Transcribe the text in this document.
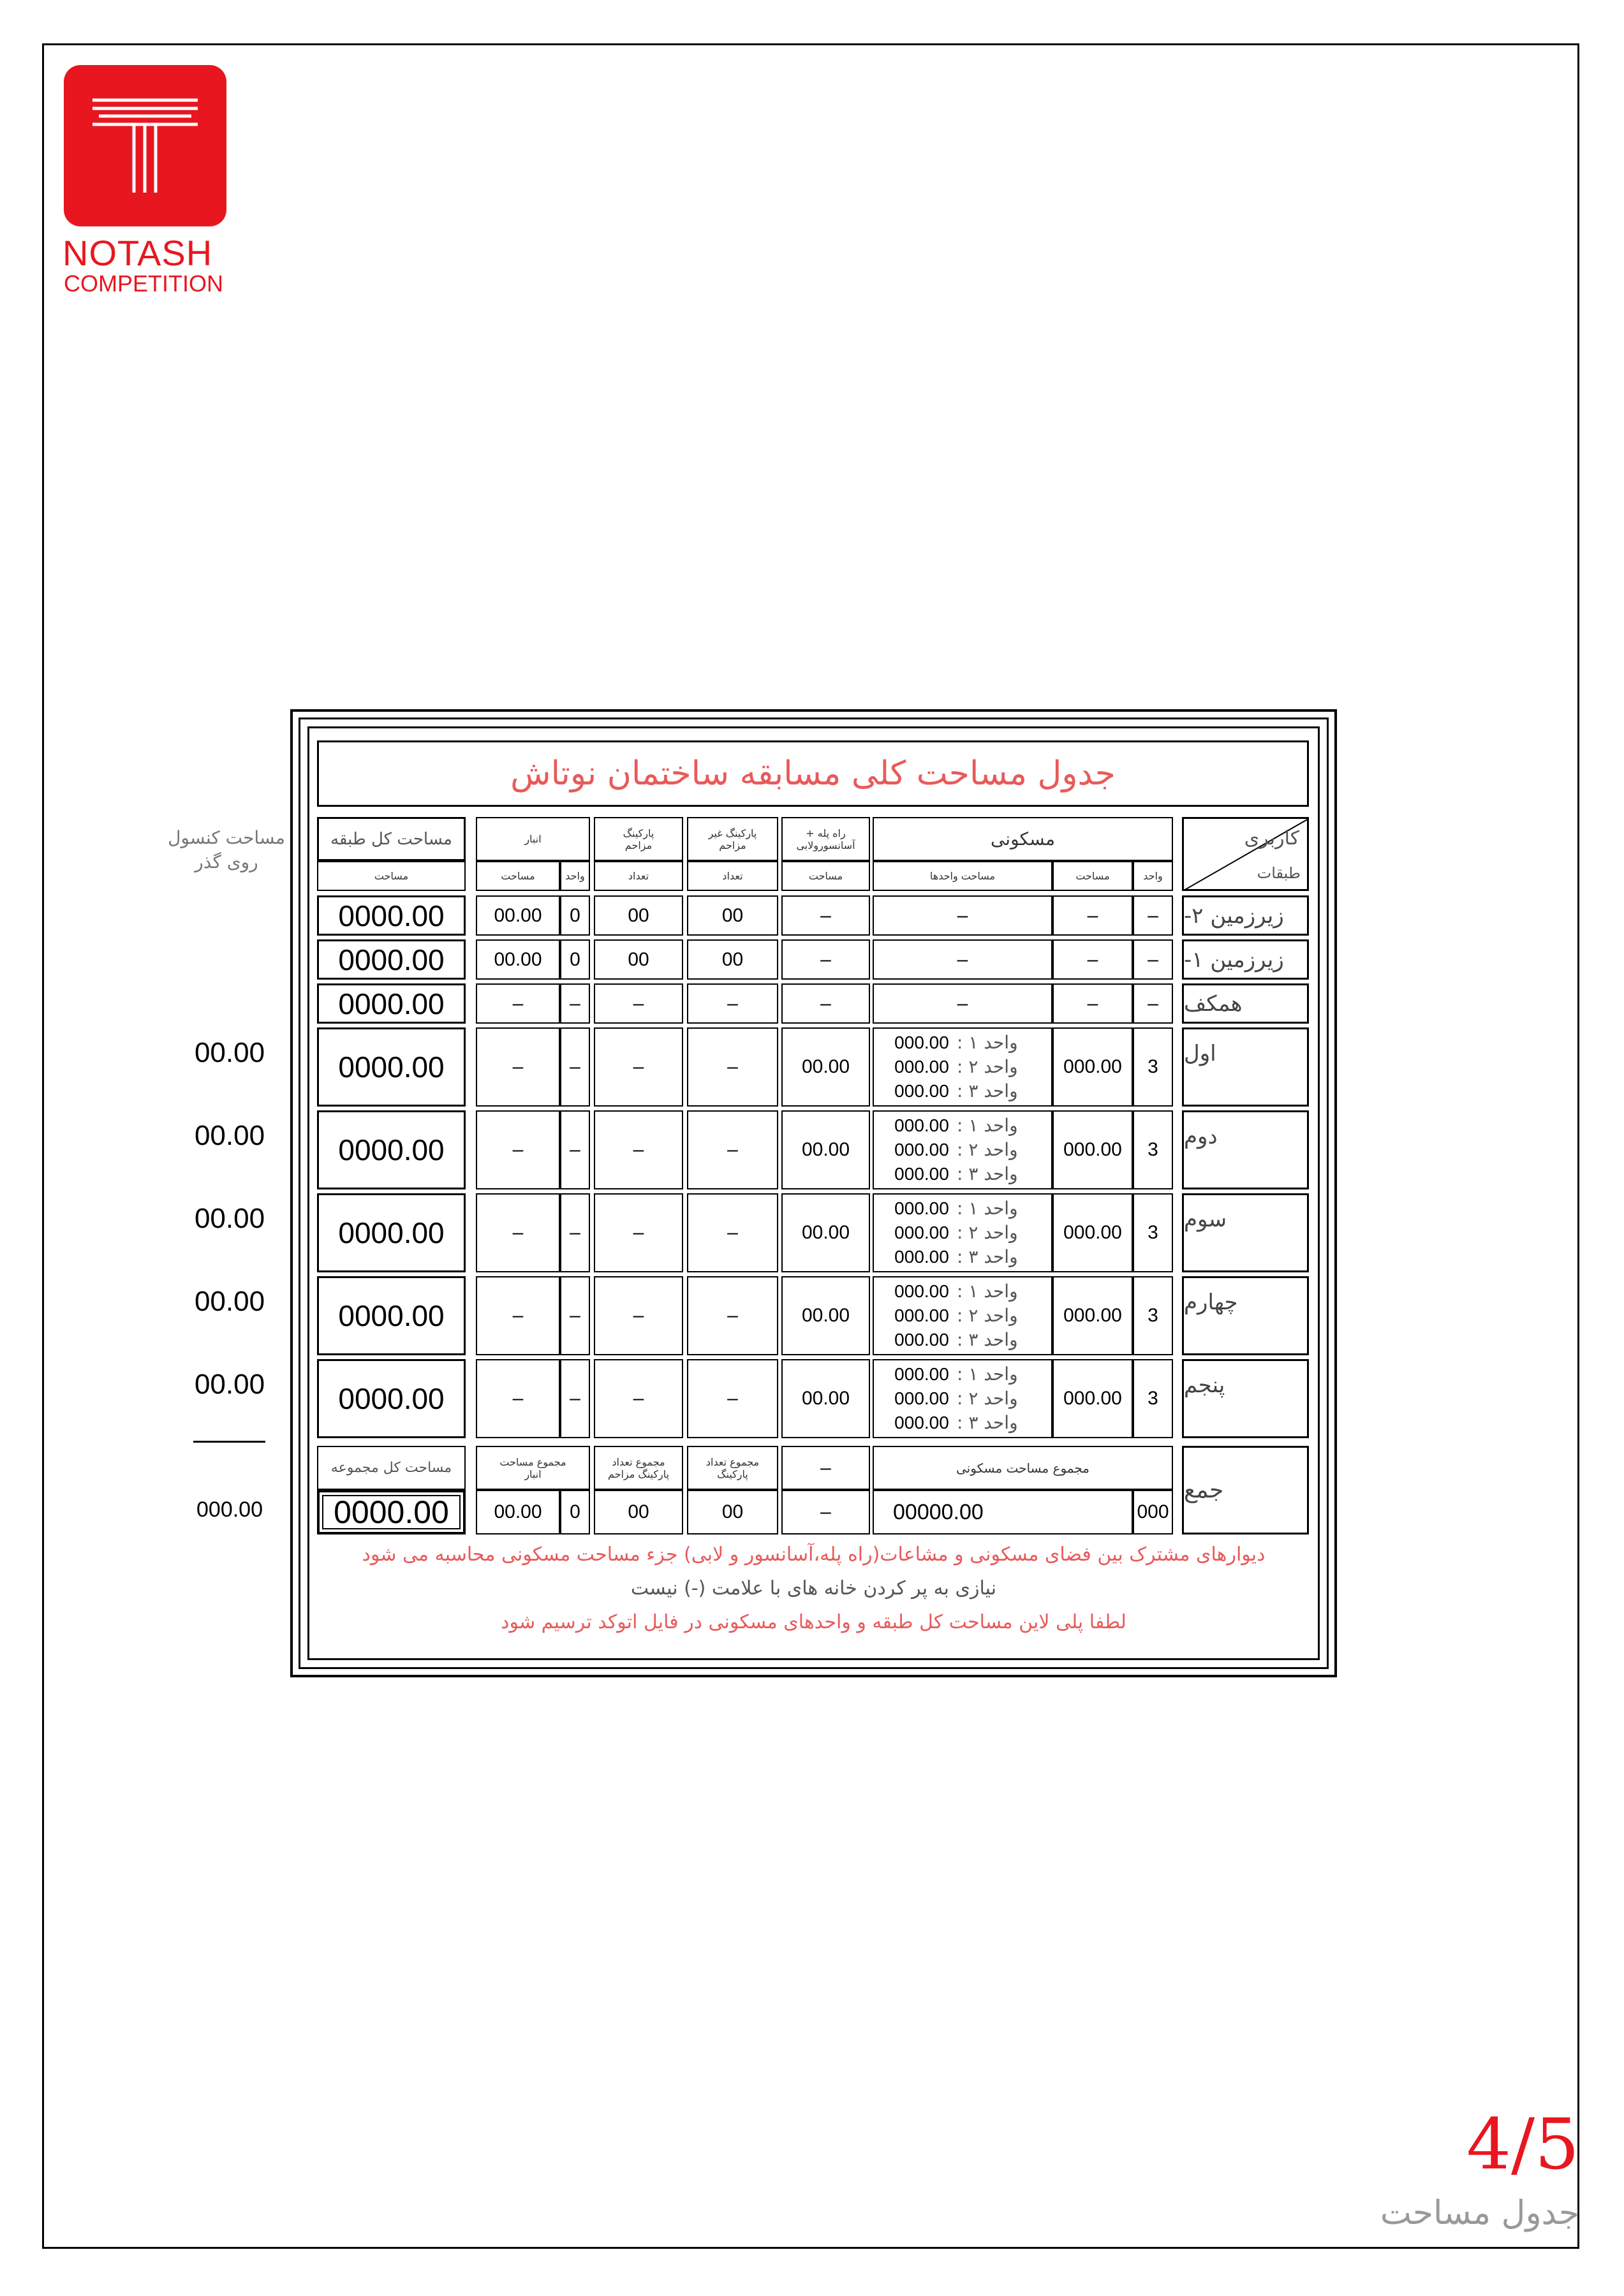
NOTASH
COMPETITION
مساحت کنسول روی گذر
00.00
00.00
00.00
00.00
00.00
000.00
جدول مساحت کلی مسابقه ساختمان نوتاش
کاربری
طبقات
مسکونی
واحد
مساحت
مساحت واحدها
راه پله + آسانسورولابی
مساحت
پارکینگ غیر مزاحم
تعداد
پارکینگ مزاحم
تعداد
انبار
واحد
مساحت
مساحت کل طبقه
مساحت
زیرزمین ۲-
–
–
–
–
00
00
0
00.00
0000.00
زیرزمین ۱-
–
–
–
–
00
00
0
00.00
0000.00
همکف
–
–
–
–
–
–
–
–
0000.00
اول
3
000.00
00.00
–
–
–
–
0000.00
000.00 واحد ۱ :
000.00 واحد ۲ :
000.00 واحد ۳ :
دوم
3
000.00
00.00
–
–
–
–
0000.00
000.00 واحد ۱ :
000.00 واحد ۲ :
000.00 واحد ۳ :
سوم
3
000.00
00.00
–
–
–
–
0000.00
000.00 واحد ۱ :
000.00 واحد ۲ :
000.00 واحد ۳ :
چهارم
3
000.00
00.00
–
–
–
–
0000.00
000.00 واحد ۱ :
000.00 واحد ۲ :
000.00 واحد ۳ :
پنجم
3
000.00
00.00
–
–
–
–
0000.00
000.00 واحد ۱ :
000.00 واحد ۲ :
000.00 واحد ۳ :
جمع
مجموع مساحت مسکونی
000
00000.00
–
–
مجموع تعداد پارکینگ
00
مجموع تعداد پارکینگ مزاحم
00
مجموع مساحت انبار
0
00.00
مساحت کل مجموعه
0000.00
دیوارهای مشترک بین فضای مسکونی و مشاعات(راه پله،آسانسور و لابی) جزء مساحت مسکونی محاسبه می شود
نیازی به پر کردن خانه های با علامت (-) نیست
لطفا پلی لاین مساحت کل طبقه و واحدهای مسکونی در فایل اتوکد ترسیم شود
4/5
جدول مساحت
